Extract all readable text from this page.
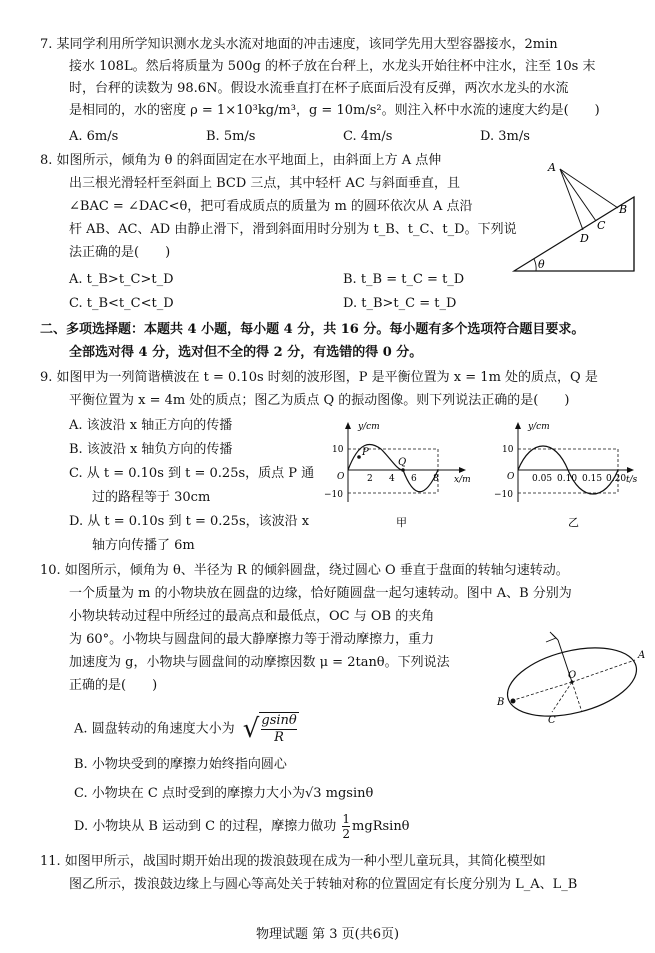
7. 某同学利用所学知识测水龙头水流对地面的冲击速度，该同学先用大型容器接水，2min
接水 108L。然后将质量为 500g 的杯子放在台秤上，水龙头开始往杯中注水，注至 10s 末
时，台秤的读数为 98.6N。假设水流垂直打在杯子底面后没有反弹，两次水龙头的水流
是相同的，水的密度 ρ = 1×10³kg/m³，g = 10m/s²。则注入杯中水流的速度大约是(　　)
A. 6m/s	B. 5m/s	C. 4m/s	D. 3m/s
8. 如图所示，倾角为 θ 的斜面固定在水平地面上，由斜面上方 A 点伸
出三根光滑轻杆至斜面上 BCD 三点，其中轻杆 AC 与斜面垂直，且
∠BAC = ∠DAC<θ，把可看成质点的质量为 m 的圆环依次从 A 点沿
杆 AB、AC、AD 由静止滑下，滑到斜面用时分别为 t_B、t_C、t_D。下列说
法正确的是(　　)
A. t_B>t_C>t_D	B. t_B = t_C = t_D
C. t_B<t_C<t_D	D. t_B>t_C = t_D
A
B
C
D
θ
二、多项选择题：本题共 4 小题，每小题 4 分，共 16 分。每小题有多个选项符合题目要求。
全部选对得 4 分，选对但不全的得 2 分，有选错的得 0 分。
9. 如图甲为一列简谐横波在 t = 0.10s 时刻的波形图，P 是平衡位置为 x = 1m 处的质点，Q 是
平衡位置为 x = 4m 处的质点；图乙为质点 Q 的振动图像。则下列说法正确的是(　　)
A. 该波沿 x 轴正方向的传播
B. 该波沿 x 轴负方向的传播
C. 从 t = 0.10s 到 t = 0.25s，质点 P 通
过的路程等于 30cm
D. 从 t = 0.10s 到 t = 0.25s，该波沿 x
轴方向传播了 6m
y/cm
x/m
10
O
−10
2 4 6 8
P
Q
甲
y/cm
t/s
10
O
−10
0.05 0.10 0.15 0.20
乙
10. 如图所示，倾角为 θ、半径为 R 的倾斜圆盘，绕过圆心 O 垂直于盘面的转轴匀速转动。
一个质量为 m 的小物块放在圆盘的边缘，恰好随圆盘一起匀速转动。图中 A、B 分别为
小物块转动过程中所经过的最高点和最低点，OC 与 OB 的夹角
为 60°。小物块与圆盘间的最大静摩擦力等于滑动摩擦力，重力
加速度为 g，小物块与圆盘间的动摩擦因数 μ = 2tanθ。下列说法
正确的是(　　)
A. 圆盘转动的角速度大小为 √ $\frac{gsin\theta}{R}$
B. 小物块受到的摩擦力始终指向圆心
C. 小物块在 C 点时受到的摩擦力大小为√3 mgsinθ
D. 小物块从 B 运动到 C 的过程，摩擦力做功 $\frac{1}{2}$ mgRsinθ
A
B
C
O
11. 如图甲所示，战国时期开始出现的拨浪鼓现在成为一种小型儿童玩具，其简化模型如
图乙所示，拨浪鼓边缘上与圆心等高处关于转轴对称的位置固定有长度分别为 L_A、L_B
物理试题 第 3 页(共6页)
